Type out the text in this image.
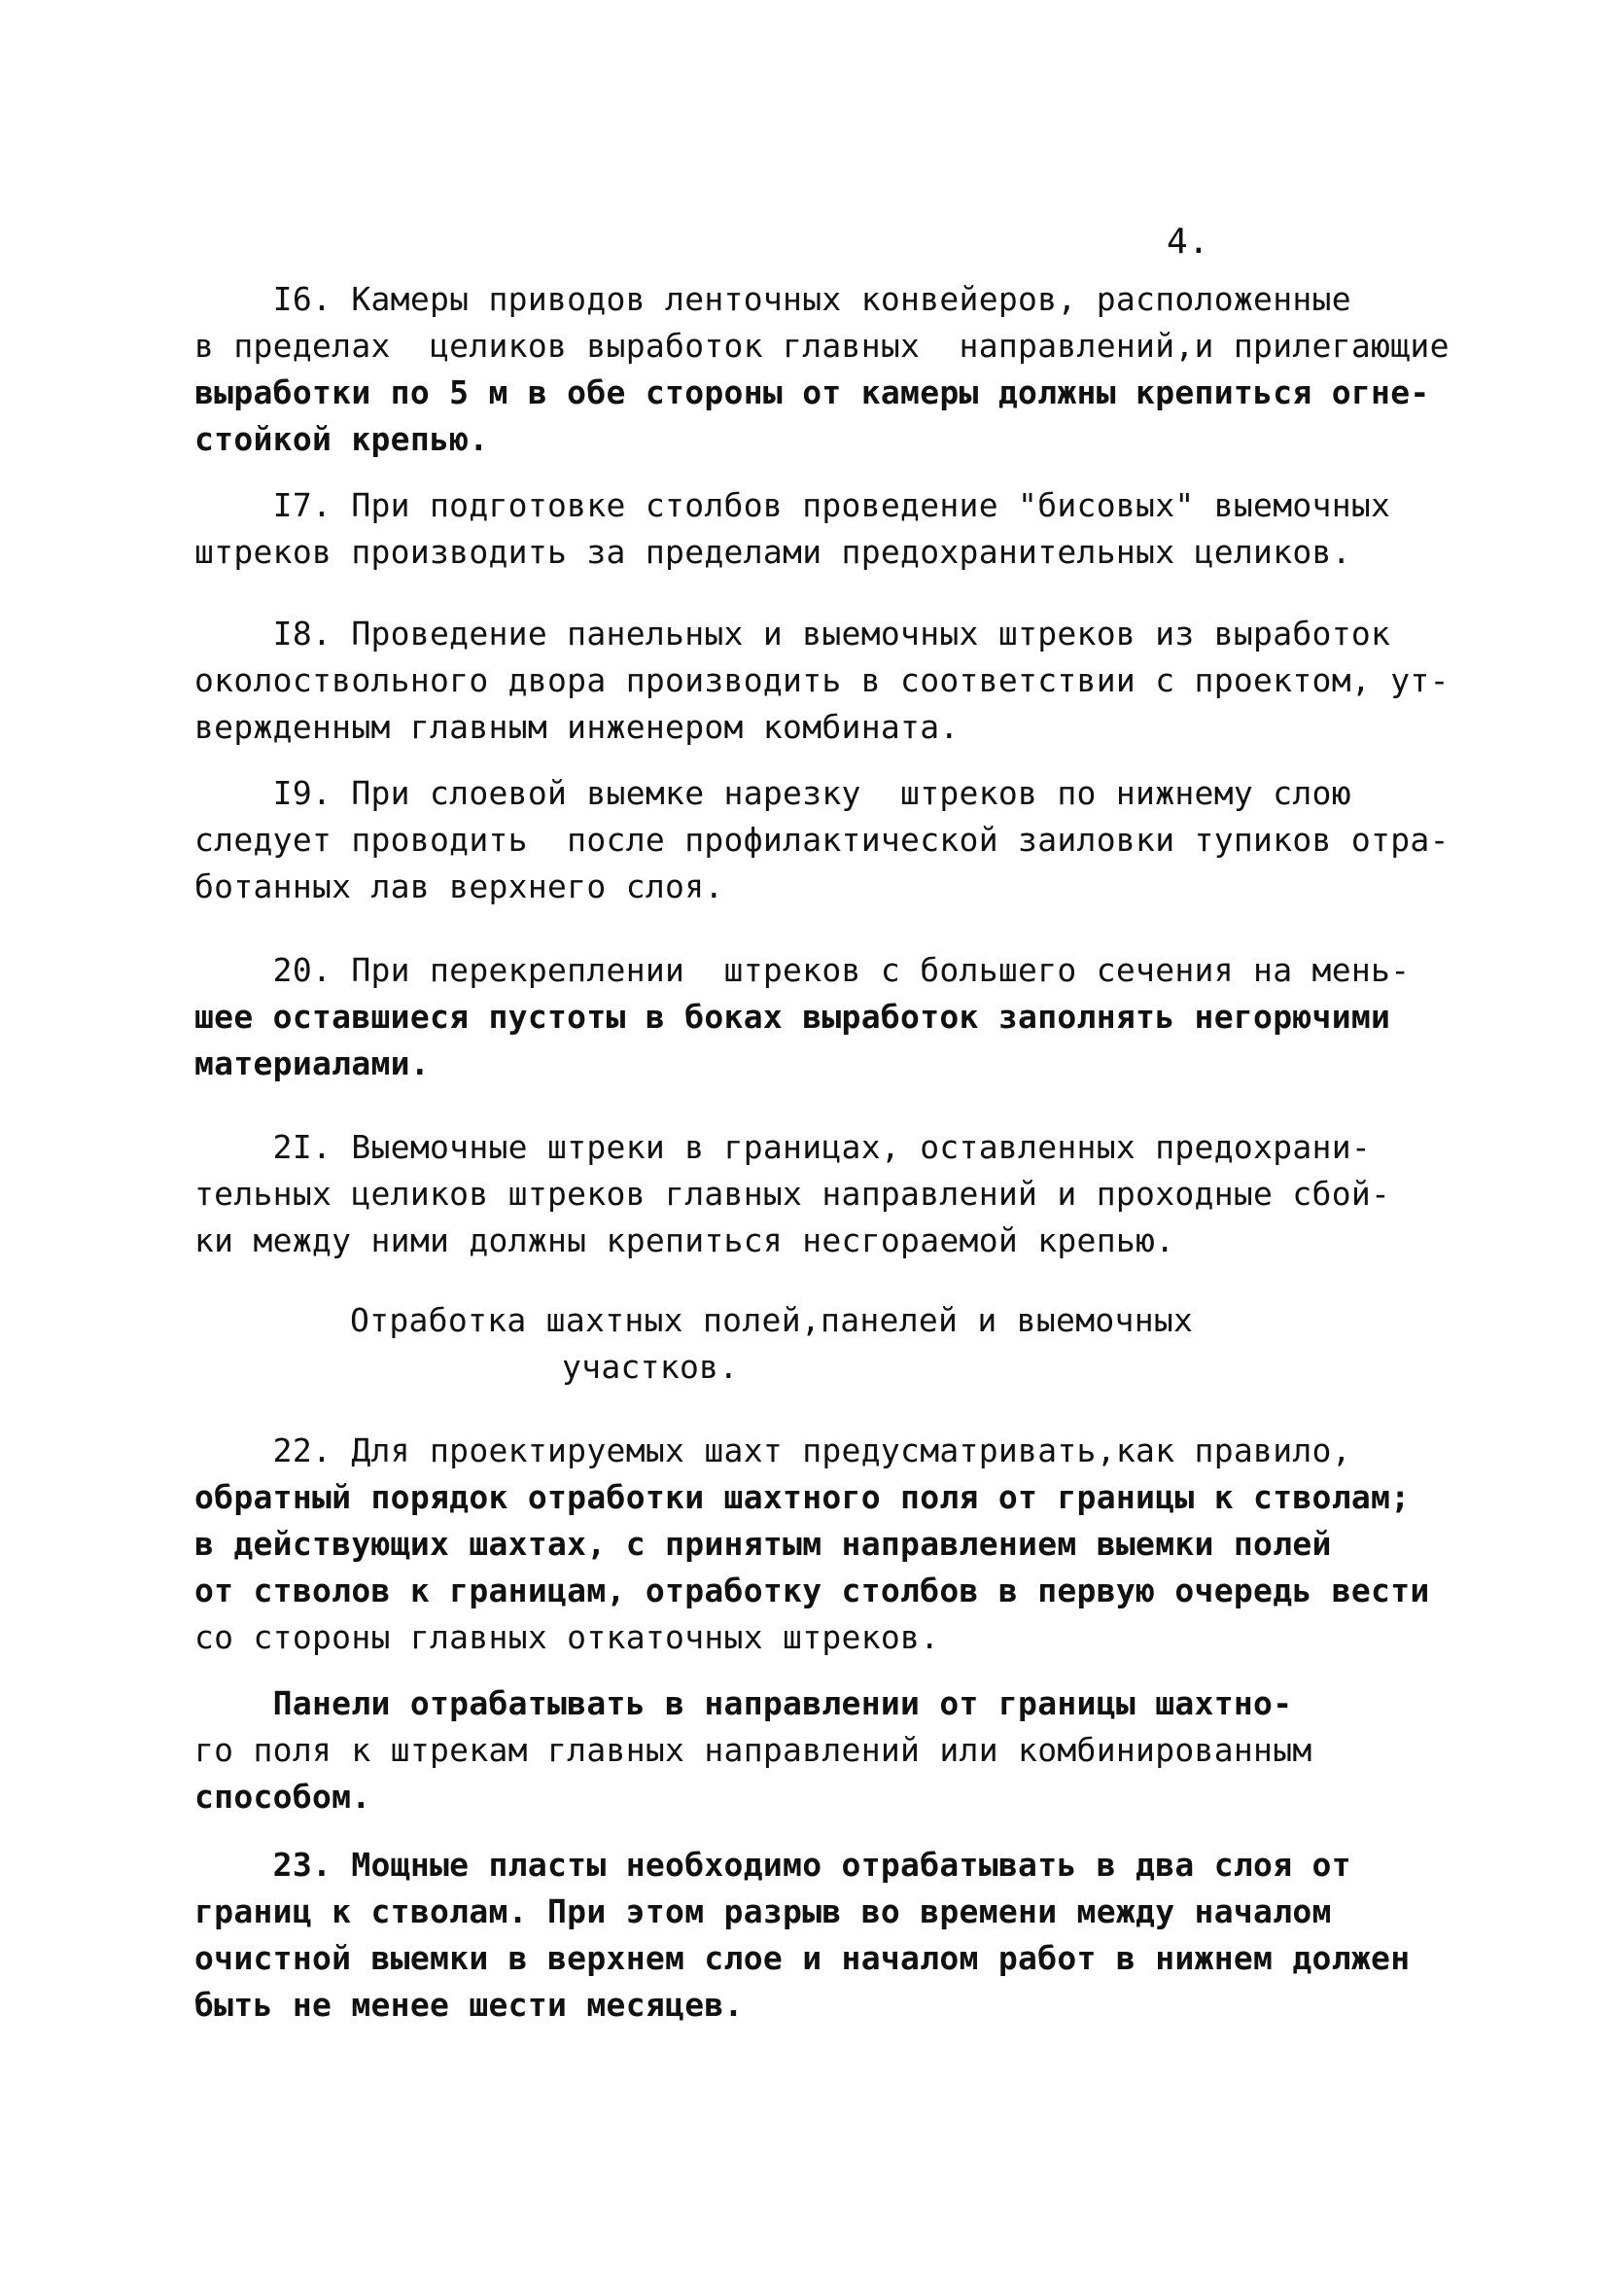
4.
I6. Камеры приводов ленточных конвейеров, расположенные
в пределах  целиков выработок главных  направлений,и прилегающие
выработки по 5 м в обе стороны от камеры должны крепиться огне-
стойкой крепью.
I7. При подготовке столбов проведение "бисовых" выемочных
штреков производить за пределами предохранительных целиков.
I8. Проведение панельных и выемочных штреков из выработок
околоствольного двора производить в соответствии с проектом, ут-
вержденным главным инженером комбината.
I9. При слоевой выемке нарезку  штреков по нижнему слою
следует проводить  после профилактической заиловки тупиков отра-
ботанных лав верхнего слоя.
20. При перекреплении  штреков с большего сечения на мень-
шее оставшиеся пустоты в боках выработок заполнять негорючими
материалами.
2I. Выемочные штреки в границах, оставленных предохрани-
тельных целиков штреков главных направлений и проходные сбой-
ки между ними должны крепиться несгораемой крепью.
Отработка шахтных полей,панелей и выемочных
участков.
22. Для проектируемых шахт предусматривать,как правило,
обратный порядок отработки шахтного поля от границы к стволам;
в действующих шахтах, с принятым направлением выемки полей
от стволов к границам, отработку столбов в первую очередь вести
со стороны главных откаточных штреков.
Панели отрабатывать в направлении от границы шахтно-
го поля к штрекам главных направлений или комбинированным
способом.
23. Мощные пласты необходимо отрабатывать в два слоя от
границ к стволам. При этом разрыв во времени между началом
очистной выемки в верхнем слое и началом работ в нижнем должен
быть не менее шести месяцев.
